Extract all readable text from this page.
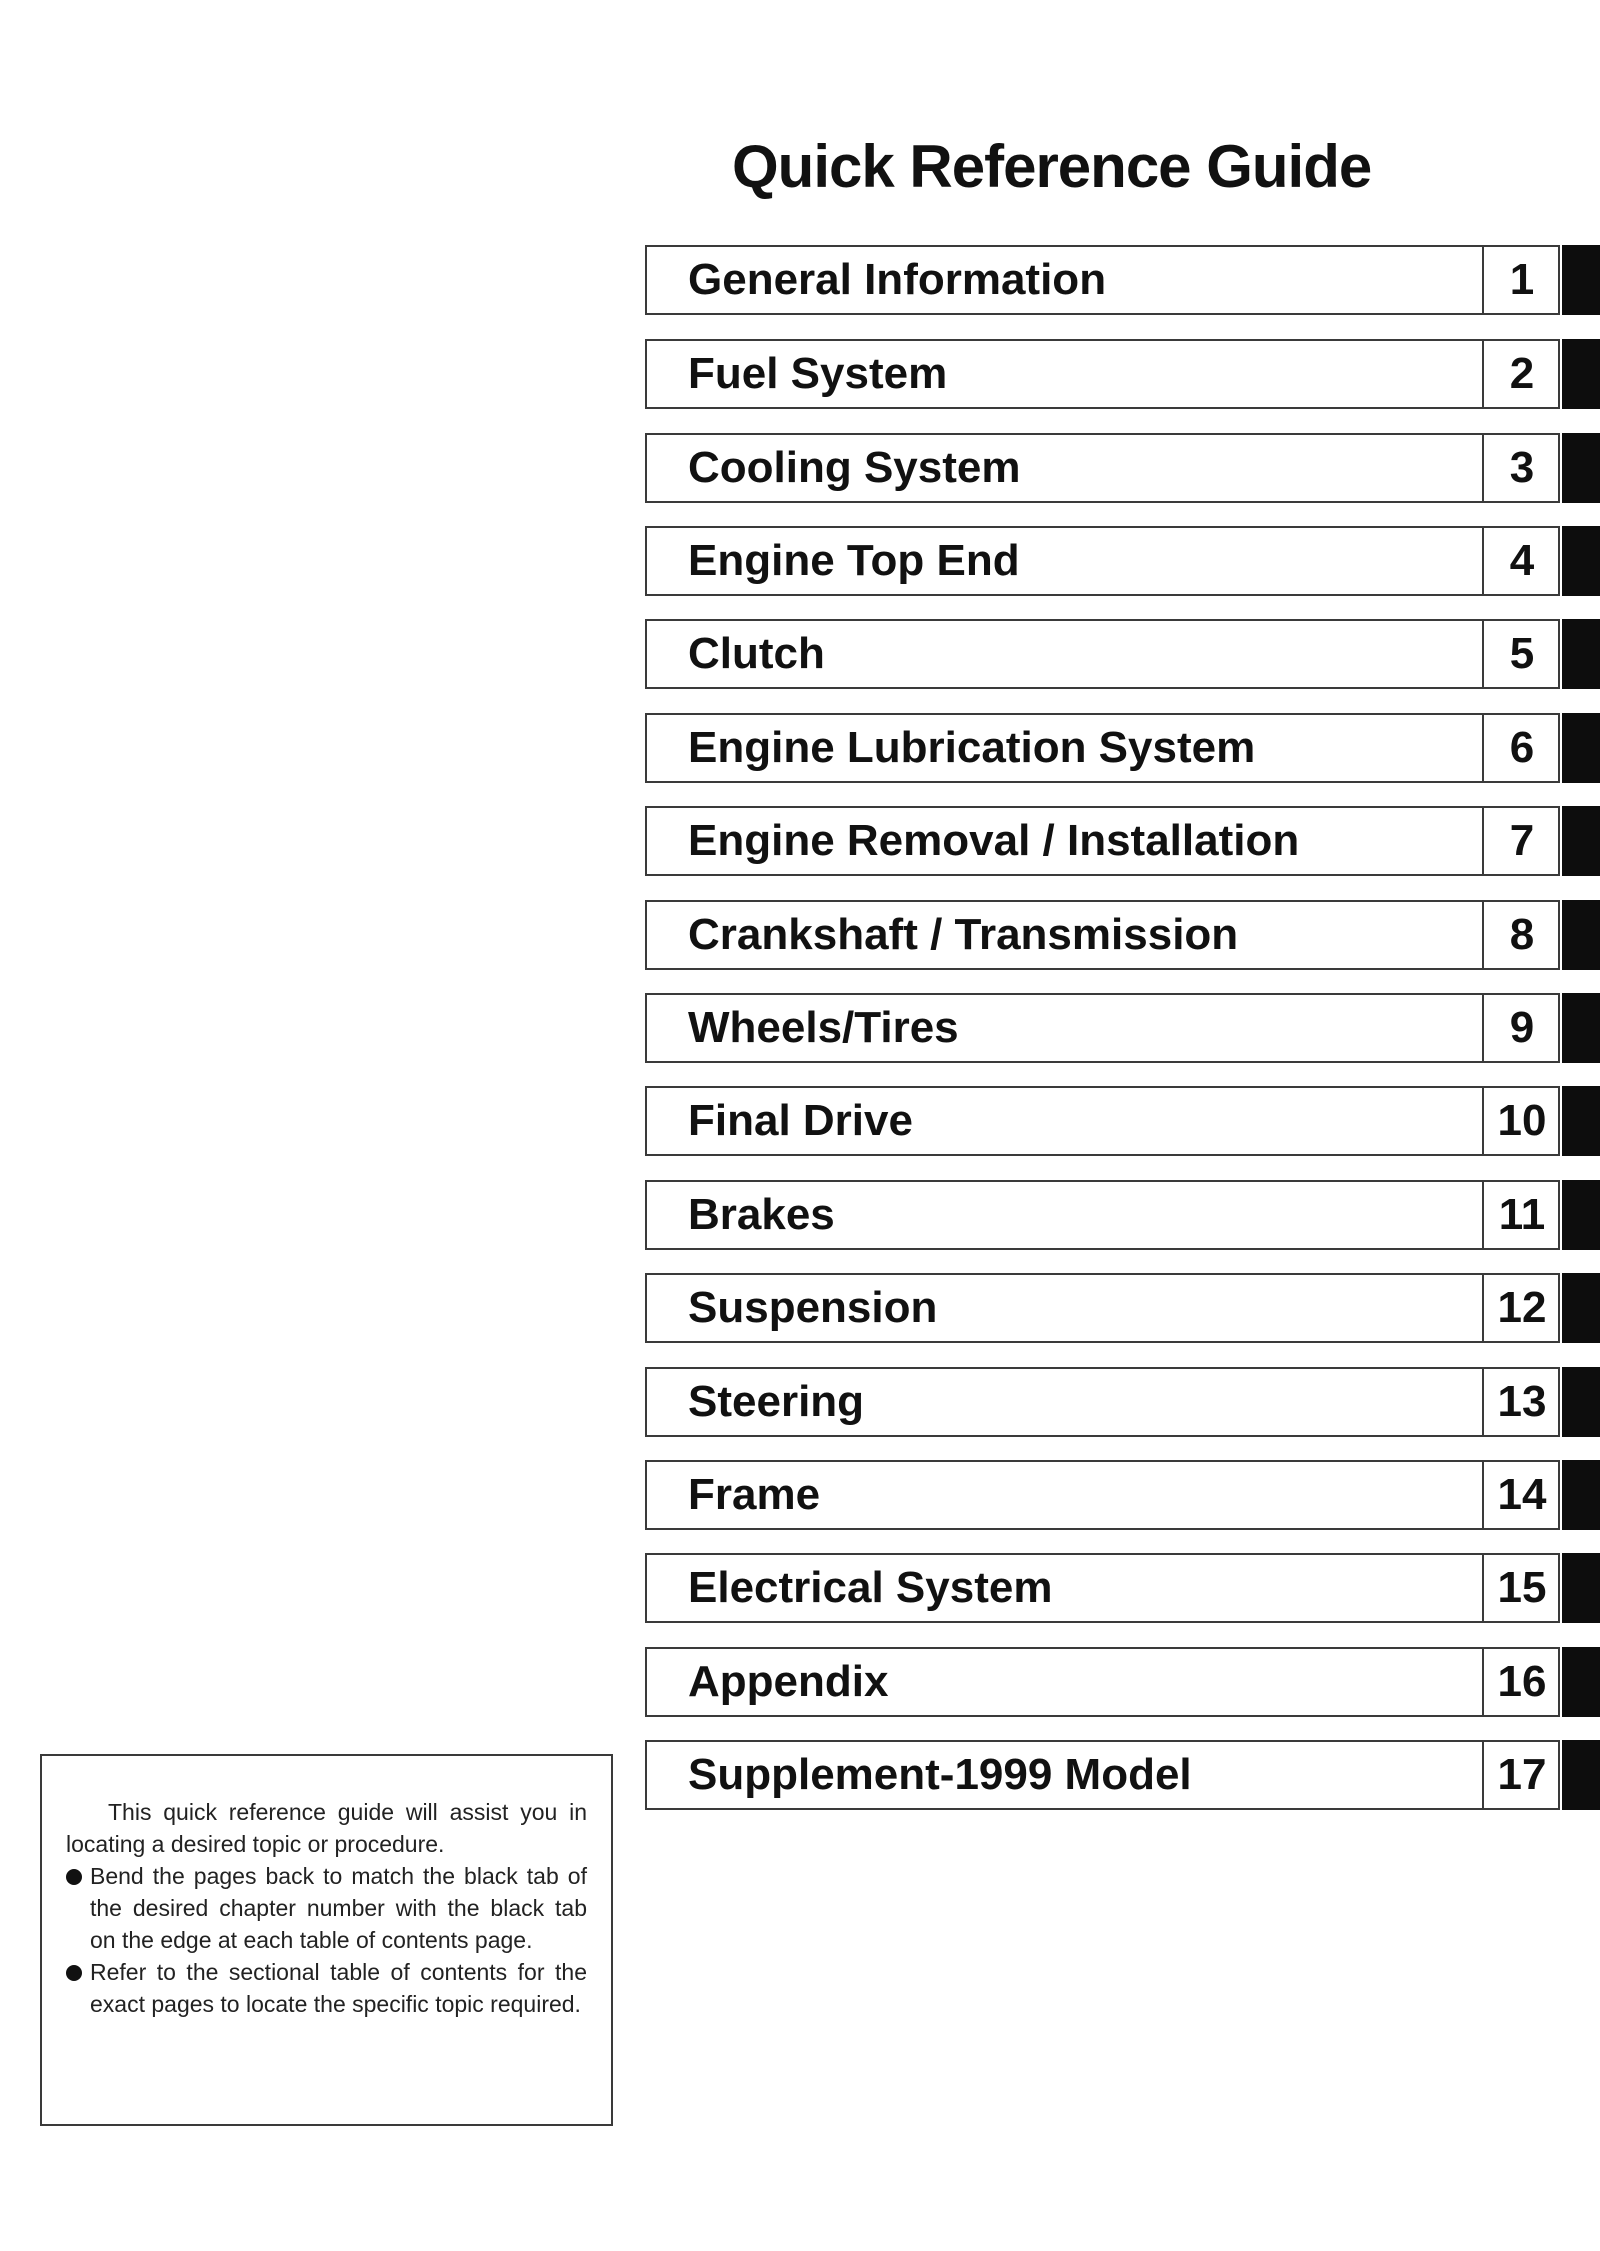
Quick Reference Guide
General Information	1
Fuel System	2
Cooling System	3
Engine Top End	4
Clutch	5
Engine Lubrication System	6
Engine Removal / Installation	7
Crankshaft / Transmission	8
Wheels/Tires	9
Final Drive	10
Brakes	11
Suspension	12
Steering	13
Frame	14
Electrical System	15
Appendix	16
Supplement-1999 Model	17

This quick reference guide will assist you in locating a desired topic or procedure.

Bend the pages back to match the black tab of the desired chapter number with the black tab on the edge at each table of contents page.

Refer to the sectional table of contents for the exact pages to locate the specific topic required.
